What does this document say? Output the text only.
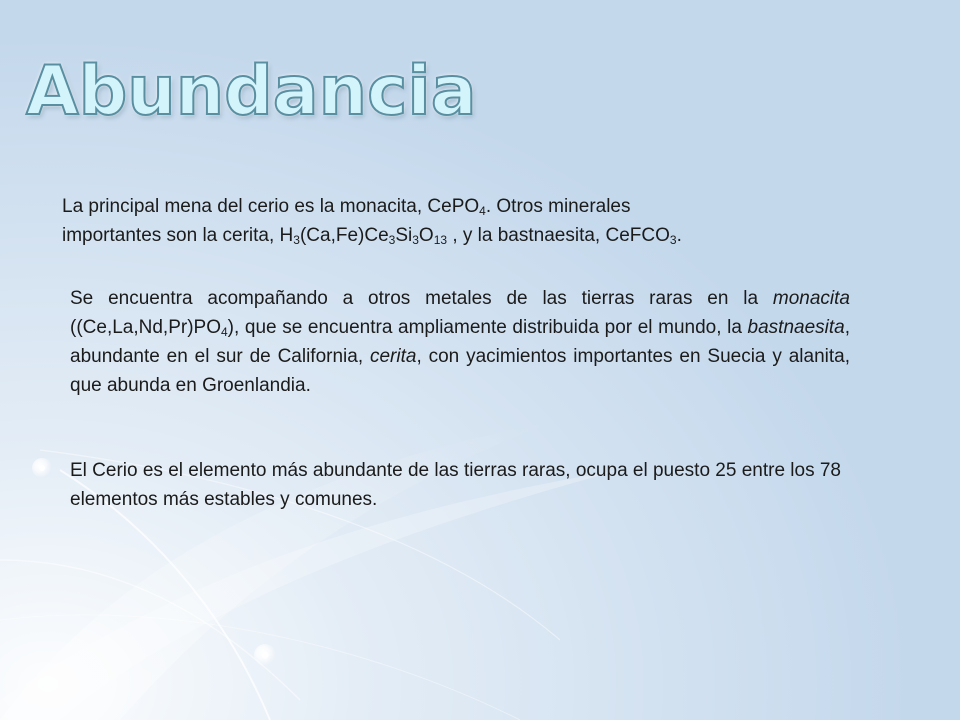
Abundancia

La principal mena del cerio es la monacita, CePO$_4$. Otros minerales
importantes son la cerita, $H_3(Ca,Fe)Ce_3Si_3O_{13}$ , y la bastnaesita, CeFCO$_3$.

Se encuentra acompañando a otros metales de las tierras raras en la monacita $((Ce,La,Nd,Pr)PO_4)$, que se encuentra ampliamente distribuida por el mundo, la bastnaesita, abundante en el sur de California, cerita, con yacimientos importantes en Suecia y alanita, que abunda en Groenlandia.

El Cerio es el elemento más abundante de las tierras raras, ocupa el puesto 25 entre los 78 elementos más estables y comunes.
